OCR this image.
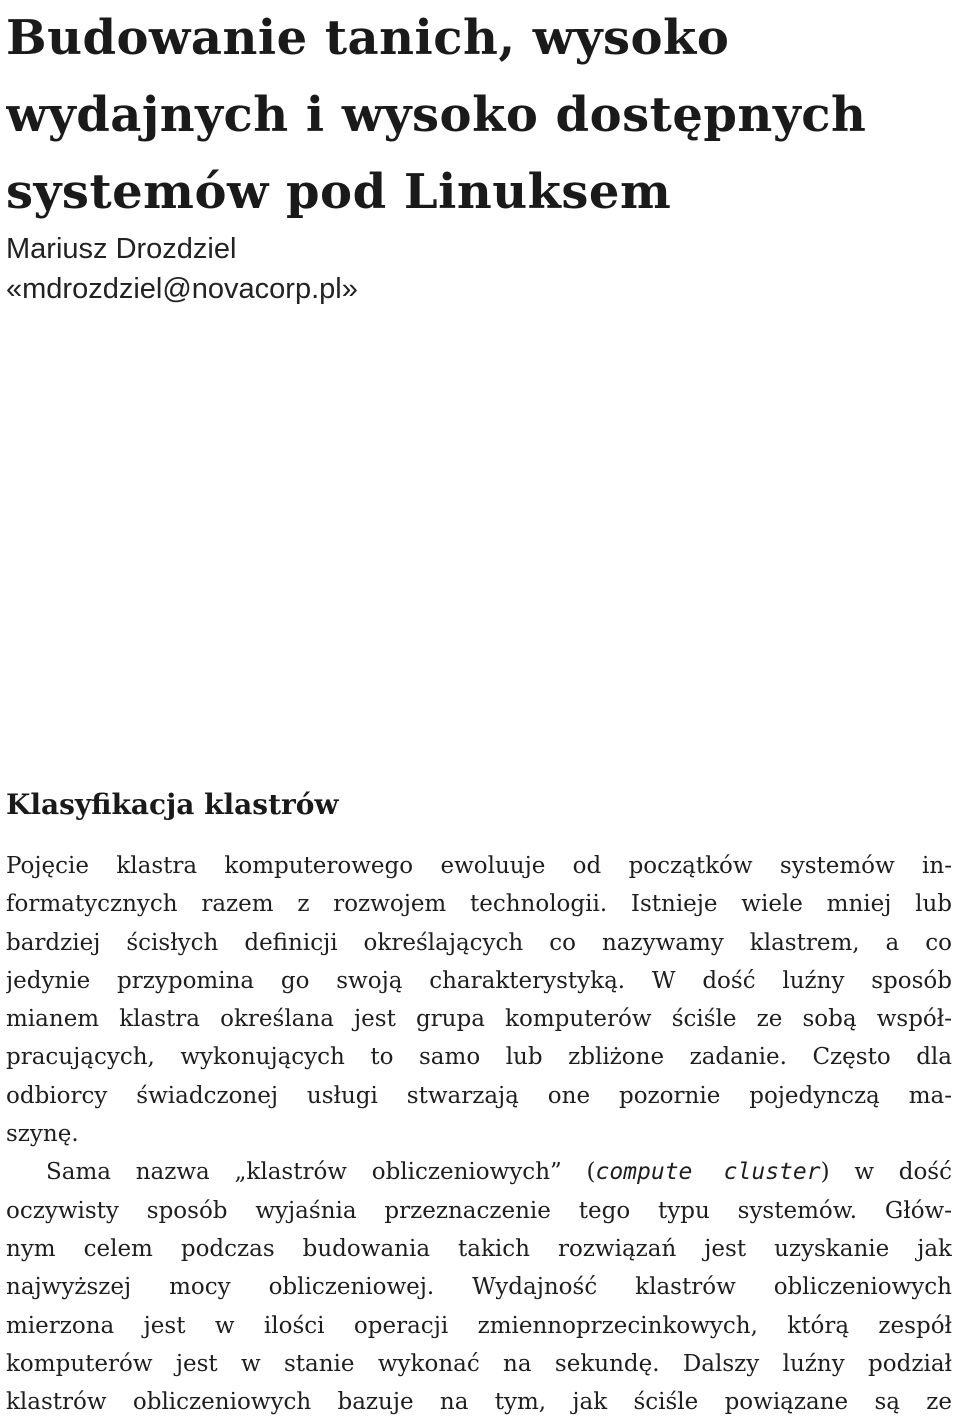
Budowanie tanich, wysoko
wydajnych i wysoko dostępnych
systemów pod Linuksem
Mariusz Drozdziel
«mdrozdziel@novacorp.pl»
Klasyfikacja klastrów
Pojęcie klastra komputerowego ewoluuje od początków systemów in-
formatycznych razem z rozwojem technologii. Istnieje wiele mniej lub
bardziej ścisłych definicji określających co nazywamy klastrem, a co
jedynie przypomina go swoją charakterystyką. W dość luźny sposób
mianem klastra określana jest grupa komputerów ściśle ze sobą współ-
pracujących, wykonujących to samo lub zbliżone zadanie. Często dla
odbiorcy świadczonej usługi stwarzają one pozornie pojedynczą ma-
szynę.
Sama nazwa „klastrów obliczeniowych” (compute cluster) w dość
oczywisty sposób wyjaśnia przeznaczenie tego typu systemów. Głów-
nym celem podczas budowania takich rozwiązań jest uzyskanie jak
najwyższej mocy obliczeniowej. Wydajność klastrów obliczeniowych
mierzona jest w ilości operacji zmiennoprzecinkowych, którą zespół
komputerów jest w stanie wykonać na sekundę. Dalszy luźny podział
klastrów obliczeniowych bazuje na tym, jak ściśle powiązane są ze
